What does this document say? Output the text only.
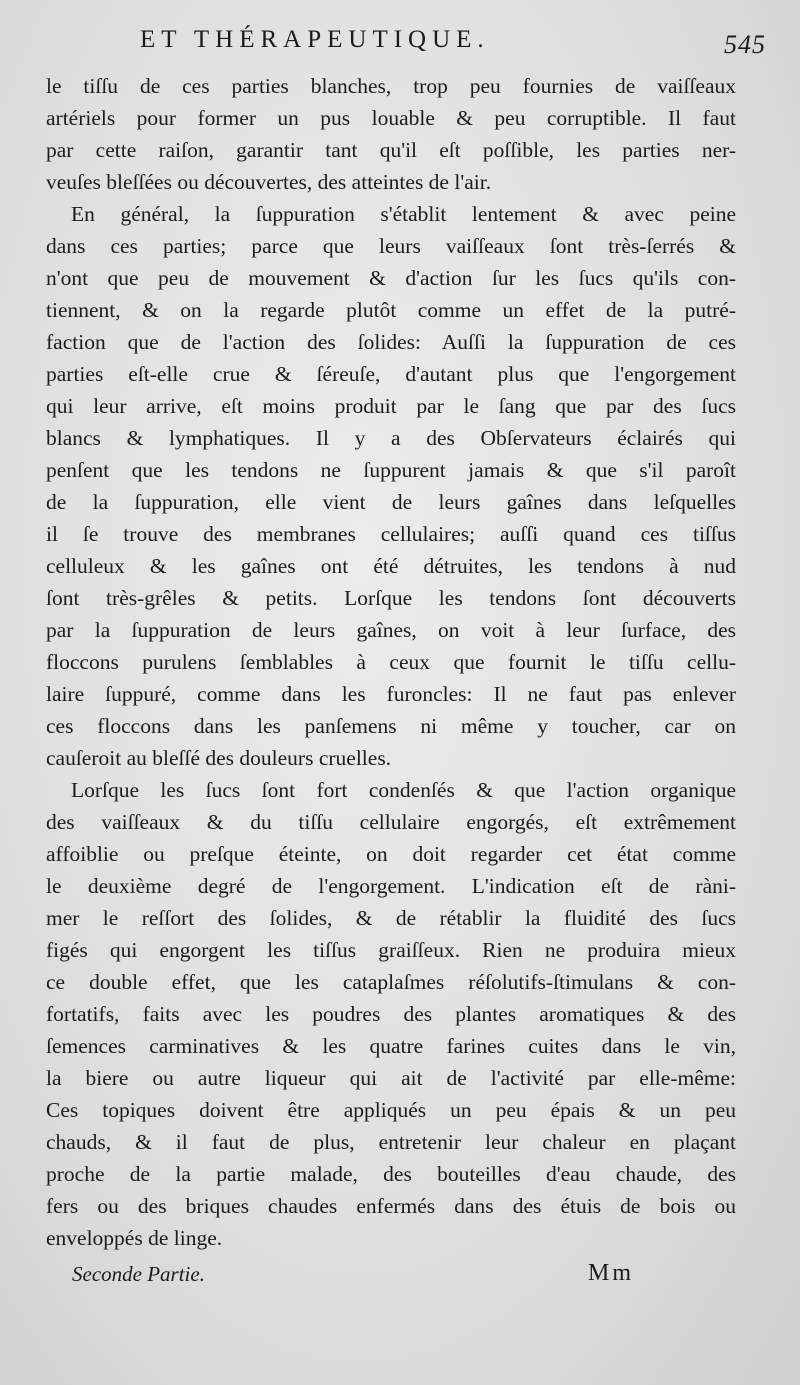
ET THÉRAPEUTIQUE.	545
le tiſſu de ces parties blanches, trop peu fournies de vaiſſeaux
artériels pour former un pus louable & peu corruptible. Il faut
par cette raiſon, garantir tant qu'il eſt poſſible, les parties ner-
veuſes bleſſées ou découvertes, des atteintes de l'air.
En général, la ſuppuration s'établit lentement & avec peine
dans ces parties; parce que leurs vaiſſeaux ſont très-ſerrés &
n'ont que peu de mouvement & d'action ſur les ſucs qu'ils con-
tiennent, & on la regarde plutôt comme un effet de la putré-
faction que de l'action des ſolides: Auſſi la ſuppuration de ces
parties eſt-elle crue & ſéreuſe, d'autant plus que l'engorgement
qui leur arrive, eſt moins produit par le ſang que par des ſucs
blancs & lymphatiques. Il y a des Obſervateurs éclairés qui
penſent que les tendons ne ſuppurent jamais & que s'il paroît
de la ſuppuration, elle vient de leurs gaînes dans leſquelles
il ſe trouve des membranes cellulaires; auſſi quand ces tiſſus
celluleux & les gaînes ont été détruites, les tendons à nud
ſont très-grêles & petits. Lorſque les tendons ſont découverts
par la ſuppuration de leurs gaînes, on voit à leur ſurface, des
floccons purulens ſemblables à ceux que fournit le tiſſu cellu-
laire ſuppuré, comme dans les furoncles: Il ne faut pas enlever
ces floccons dans les panſemens ni même y toucher, car on
cauſeroit au bleſſé des douleurs cruelles.
Lorſque les ſucs ſont fort condenſés & que l'action organique
des vaiſſeaux & du tiſſu cellulaire engorgés, eſt extrêmement
affoiblie ou preſque éteinte, on doit regarder cet état comme
le deuxième degré de l'engorgement. L'indication eſt de ràni-
mer le reſſort des ſolides, & de rétablir la fluidité des ſucs
figés qui engorgent les tiſſus graiſſeux. Rien ne produira mieux
ce double effet, que les cataplaſmes réſolutifs-ſtimulans & con-
fortatifs, faits avec les poudres des plantes aromatiques & des
ſemences carminatives & les quatre farines cuites dans le vin,
la biere ou autre liqueur qui ait de l'activité par elle-même:
Ces topiques doivent être appliqués un peu épais & un peu
chauds, & il faut de plus, entretenir leur chaleur en plaçant
proche de la partie malade, des bouteilles d'eau chaude, des
fers ou des briques chaudes enfermés dans des étuis de bois ou
enveloppés de linge.
Seconde Partie.	Mm
